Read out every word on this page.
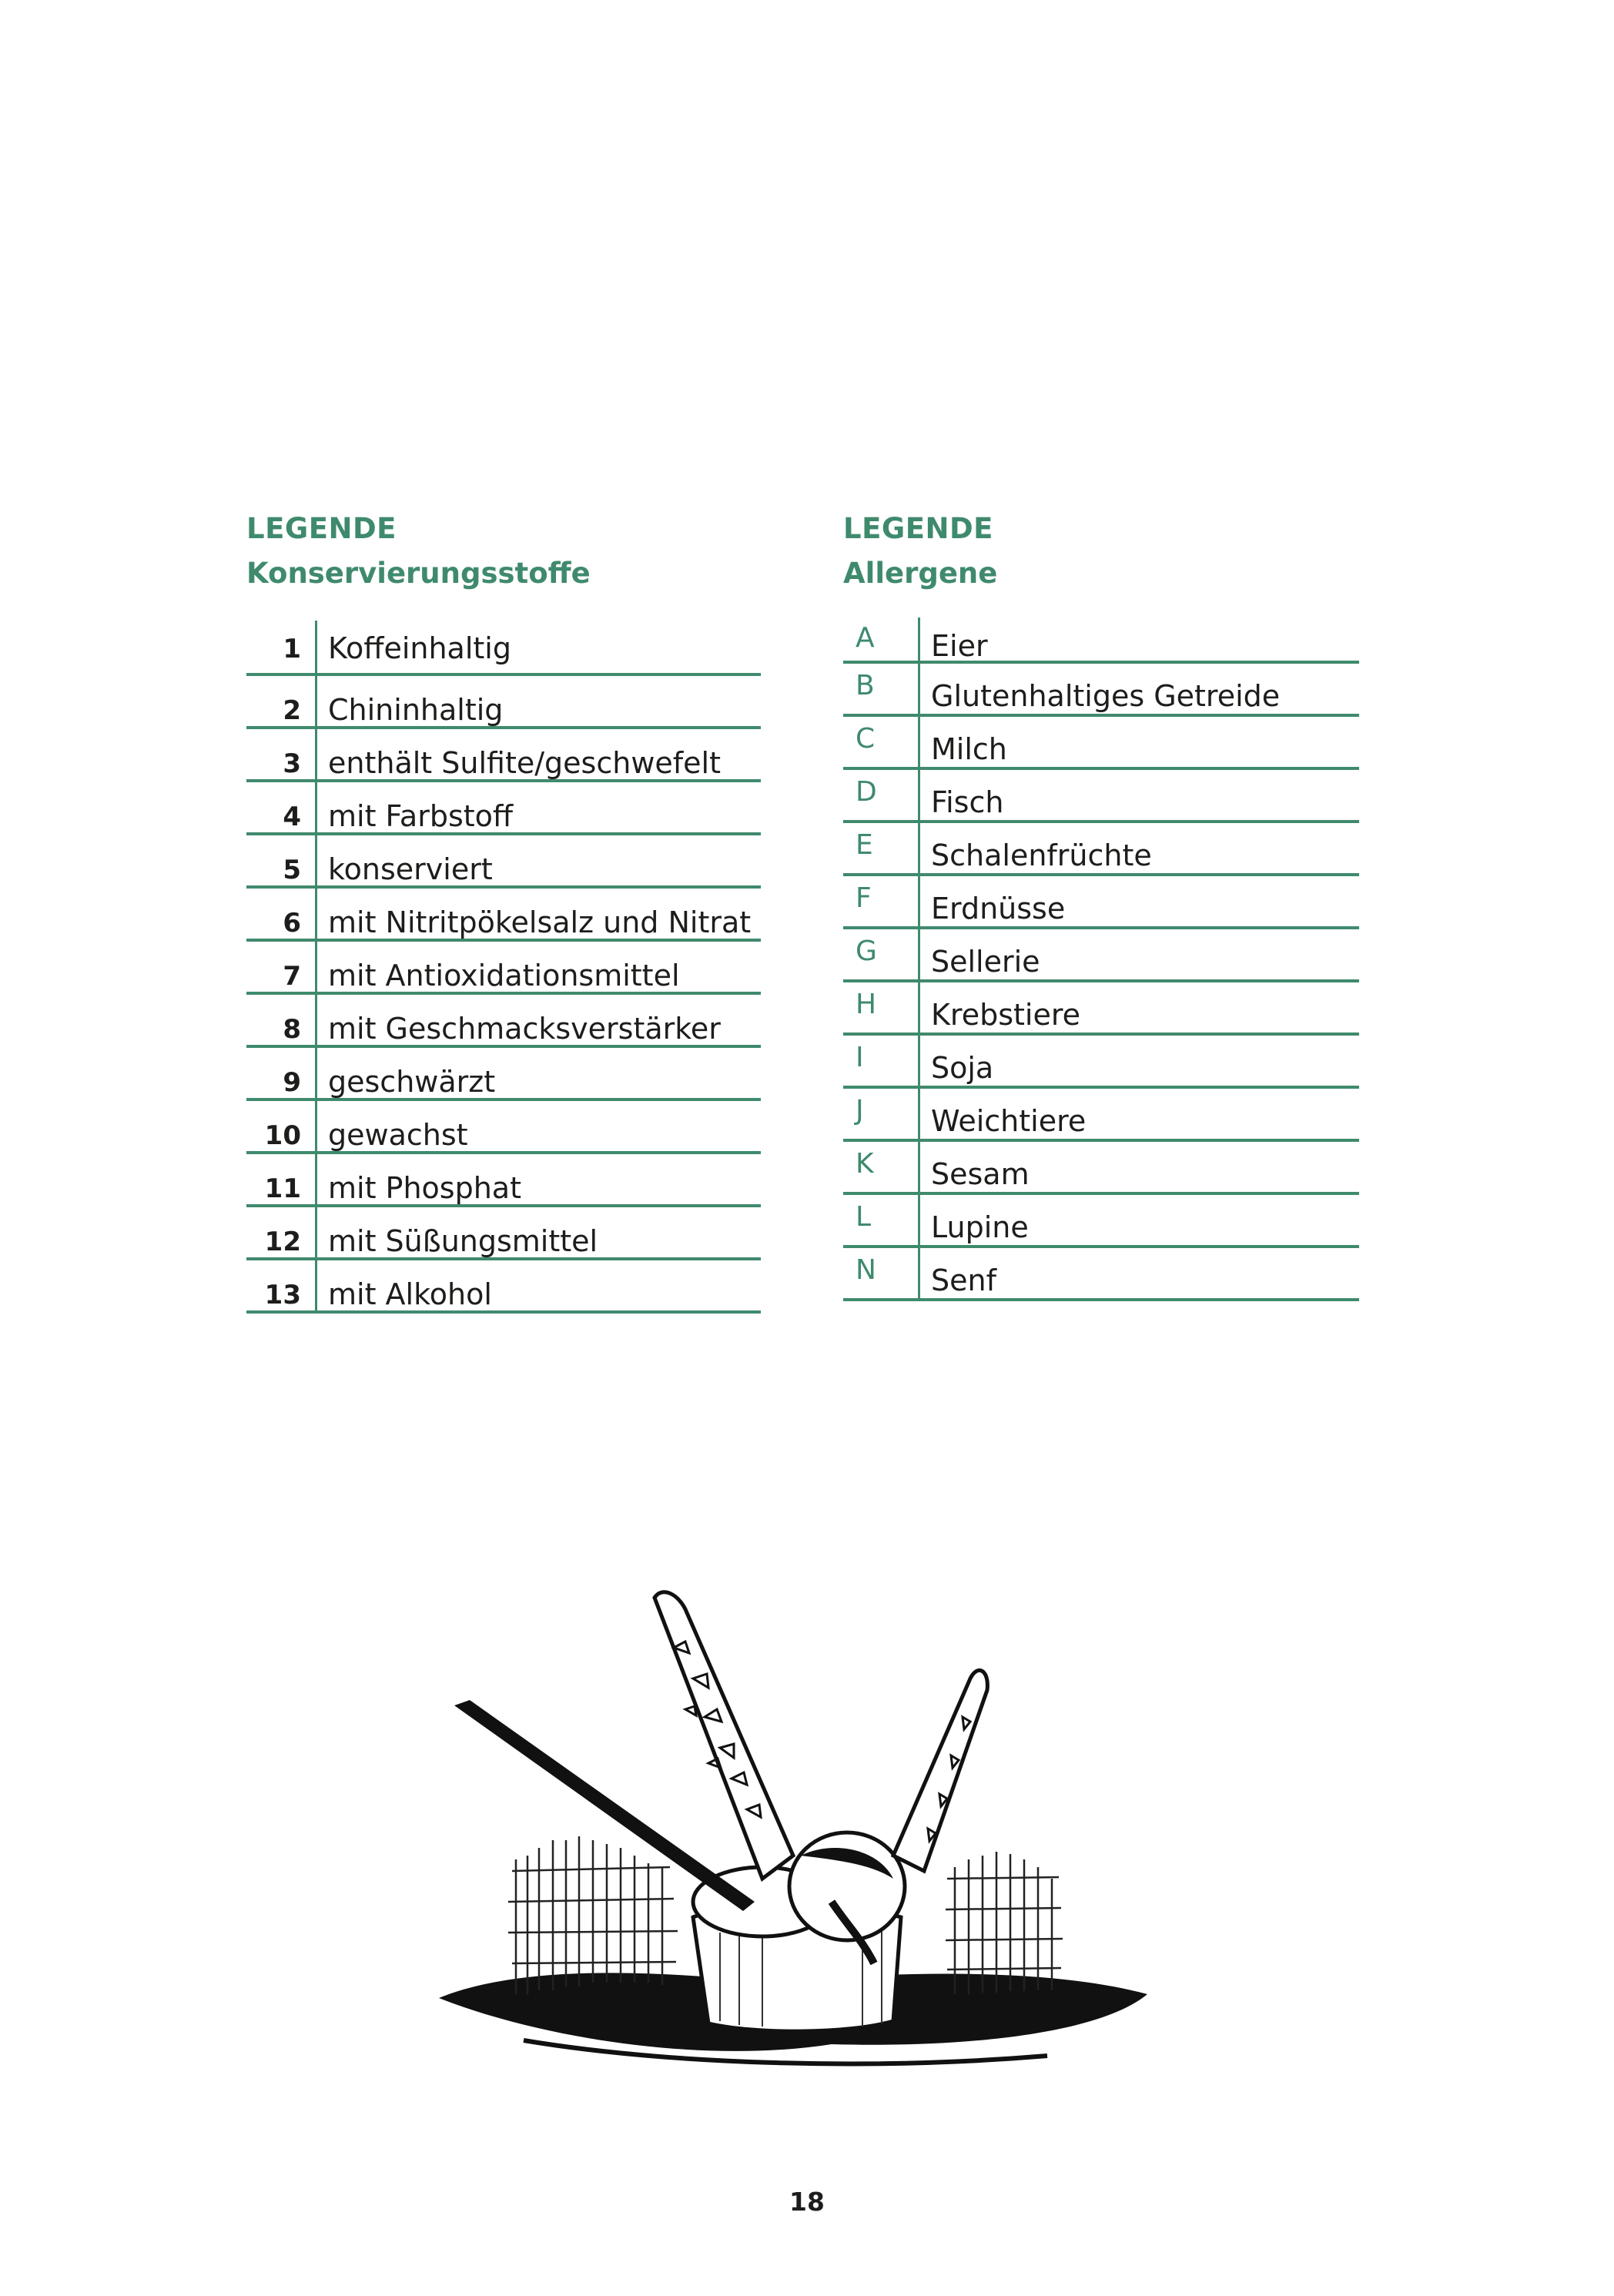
LEGENDE
Konservierungsstoffe
1 Koffeinhaltig
2 Chininhaltig
3 enthält Sulfite/geschwefelt
4 mit Farbstoff
5 konserviert
6 mit Nitritpökelsalz und Nitrat
7 mit Antioxidationsmittel
8 mit Geschmacksverstärker
9 geschwärzt
10 gewachst
11 mit Phosphat
12 mit Süßungsmittel
13 mit Alkohol
LEGENDE
Allergene
A	Eier
B	Glutenhaltiges Getreide
C	Milch
D	Fisch
E	Schalenfrüchte
F	Erdnüsse
G	Sellerie
H	Krebstiere
I	Soja
J	Weichtiere
K	Sesam
L	Lupine
N	Senf
18
